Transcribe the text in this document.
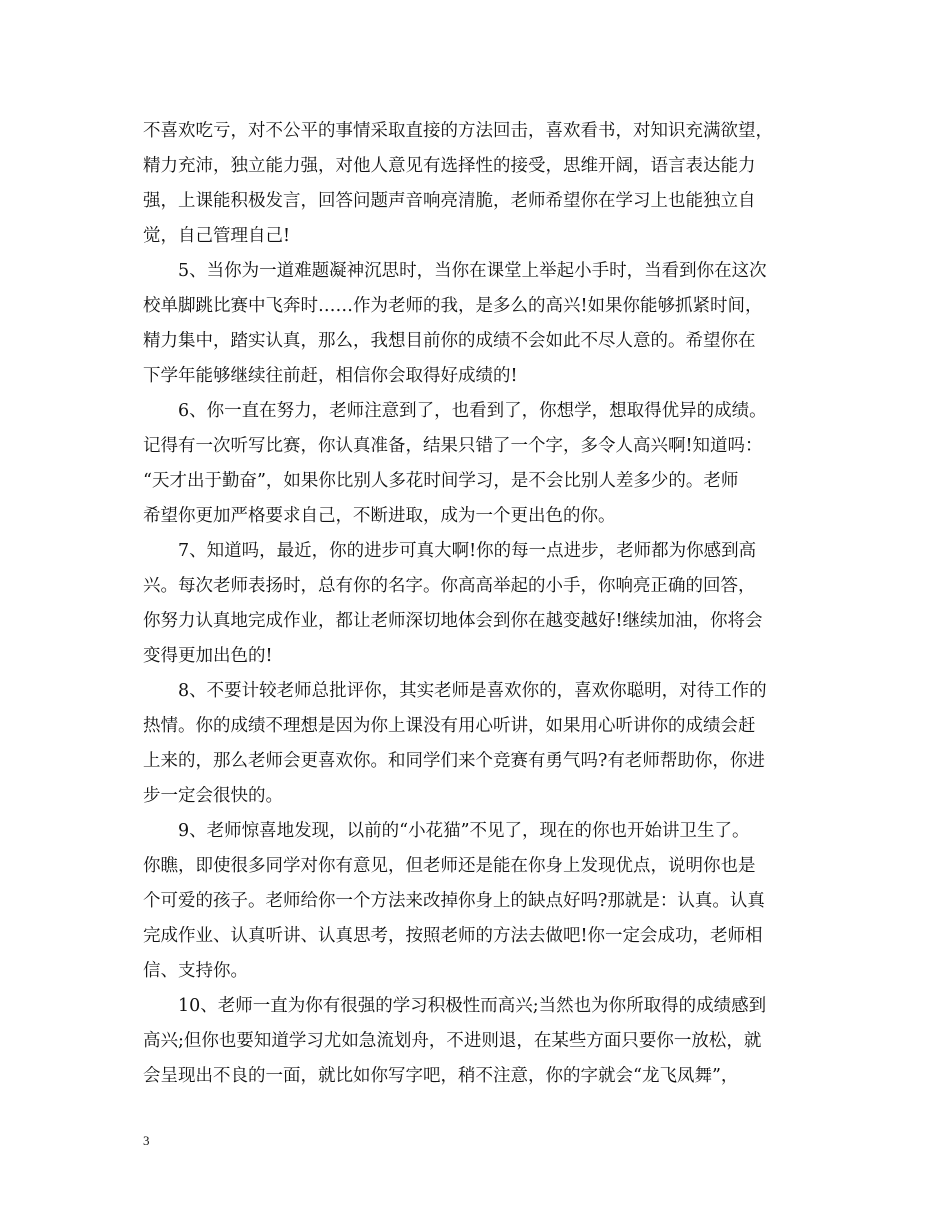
不喜欢吃亏，对不公平的事情采取直接的方法回击，喜欢看书，对知识充满欲望，
精力充沛，独立能力强，对他人意见有选择性的接受，思维开阔，语言表达能力
强，上课能积极发言，回答问题声音响亮清脆，老师希望你在学习上也能独立自
觉，自己管理自己!
5、当你为一道难题凝神沉思时，当你在课堂上举起小手时，当看到你在这次
校单脚跳比赛中飞奔时……作为老师的我，是多么的高兴!如果你能够抓紧时间，
精力集中，踏实认真，那么，我想目前你的成绩不会如此不尽人意的。希望你在
下学年能够继续往前赶，相信你会取得好成绩的!
6、你一直在努力，老师注意到了，也看到了，你想学，想取得优异的成绩。
记得有一次听写比赛，你认真准备，结果只错了一个字，多令人高兴啊!知道吗：
“天才出于勤奋”，如果你比别人多花时间学习，是不会比别人差多少的。老师
希望你更加严格要求自己，不断进取，成为一个更出色的你。
7、知道吗，最近，你的进步可真大啊!你的每一点进步，老师都为你感到高
兴。每次老师表扬时，总有你的名字。你高高举起的小手，你响亮正确的回答，
你努力认真地完成作业，都让老师深切地体会到你在越变越好!继续加油，你将会
变得更加出色的!
8、不要计较老师总批评你，其实老师是喜欢你的，喜欢你聪明，对待工作的
热情。你的成绩不理想是因为你上课没有用心听讲，如果用心听讲你的成绩会赶
上来的，那么老师会更喜欢你。和同学们来个竞赛有勇气吗?有老师帮助你，你进
步一定会很快的。
9、老师惊喜地发现，以前的“小花猫”不见了，现在的你也开始讲卫生了。
你瞧，即使很多同学对你有意见，但老师还是能在你身上发现优点，说明你也是
个可爱的孩子。老师给你一个方法来改掉你身上的缺点好吗?那就是：认真。认真
完成作业、认真听讲、认真思考，按照老师的方法去做吧!你一定会成功，老师相
信、支持你。
10、老师一直为你有很强的学习积极性而高兴;当然也为你所取得的成绩感到
高兴;但你也要知道学习尤如急流划舟，不进则退，在某些方面只要你一放松，就
会呈现出不良的一面，就比如你写字吧，稍不注意，你的字就会“龙飞凤舞”，
3
